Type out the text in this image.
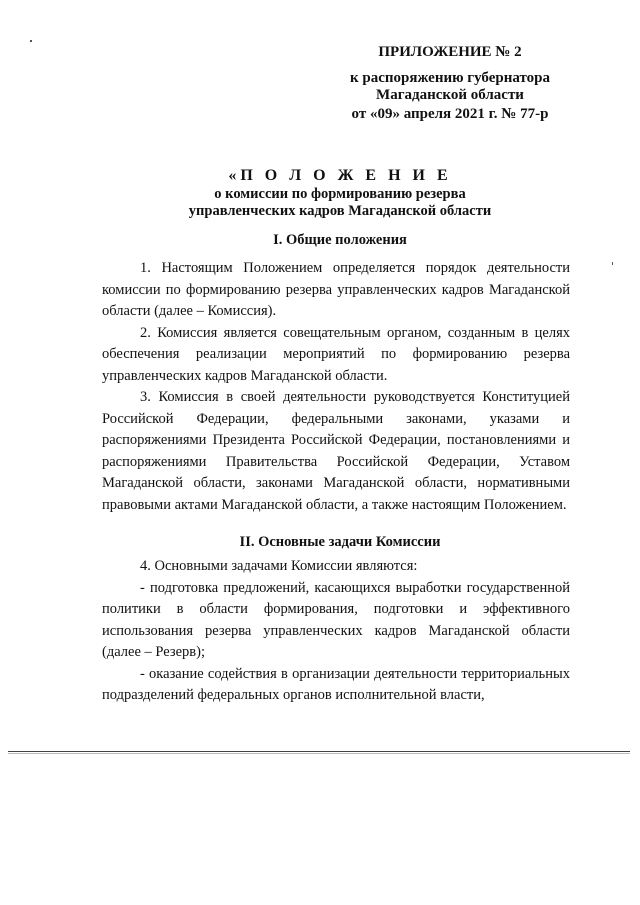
ПРИЛОЖЕНИЕ № 2
к распоряжению губернатора
Магаданской области
от «09» апреля 2021 г. № 77-р
«П О Л О Ж Е Н И Е
о комиссии по формированию резерва
управленческих кадров Магаданской области
I. Общие положения

1. Настоящим Положением определяется порядок деятельности комиссии по формированию резерва управленческих кадров Магаданской области (далее – Комиссия).

2. Комиссия является совещательным органом, созданным в целях обеспечения реализации мероприятий по формированию резерва управленческих кадров Магаданской области.

3. Комиссия в своей деятельности руководствуется Конституцией Российской Федерации, федеральными законами, указами и распоряжениями Президента Российской Федерации, постановлениями и распоряжениями Правительства Российской Федерации, Уставом Магаданской области, законами Магаданской области, нормативными правовыми актами Магаданской области, а также настоящим Положением.

II. Основные задачи Комиссии

4. Основными задачами Комиссии являются:

- подготовка предложений, касающихся выработки государственной политики в области формирования, подготовки и эффективного использования резерва управленческих кадров Магаданской области (далее – Резерв);

- оказание содействия в организации деятельности территориальных подразделений федеральных органов исполнительной власти,
